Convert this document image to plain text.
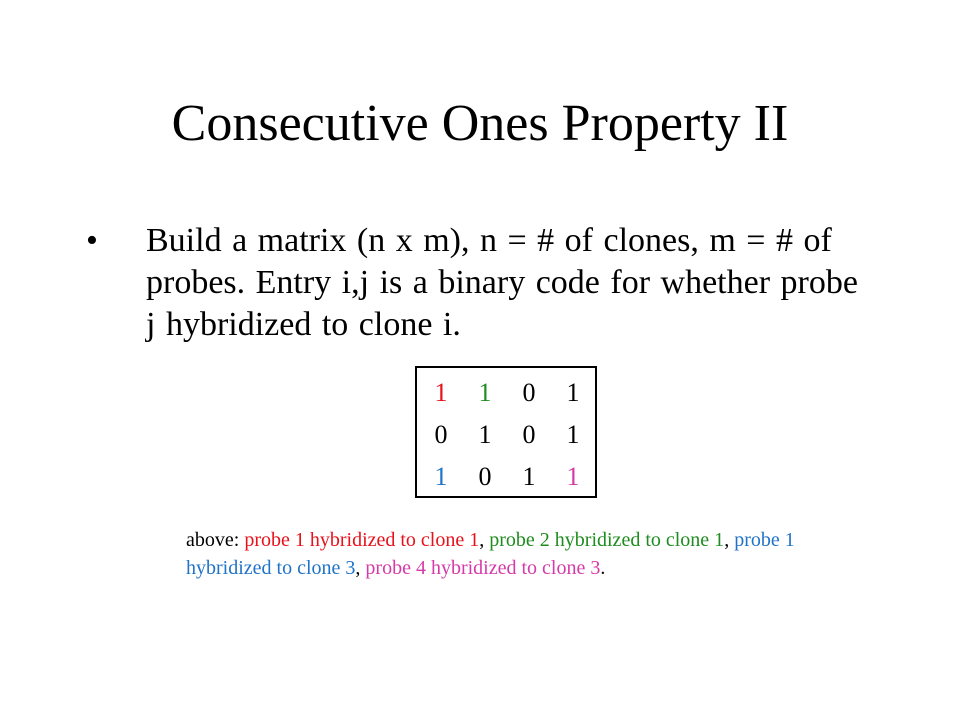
Consecutive Ones Property II
• Build a matrix (n x m), n = # of clones, m = # of probes. Entry i,j is a binary code for whether probe j hybridized to clone i.
1	1	0	1
0	1	0	1
1	0	1	1
above: probe 1 hybridized to clone 1, probe 2 hybridized to clone 1, probe 1 hybridized to clone 3, probe 4 hybridized to clone 3.
